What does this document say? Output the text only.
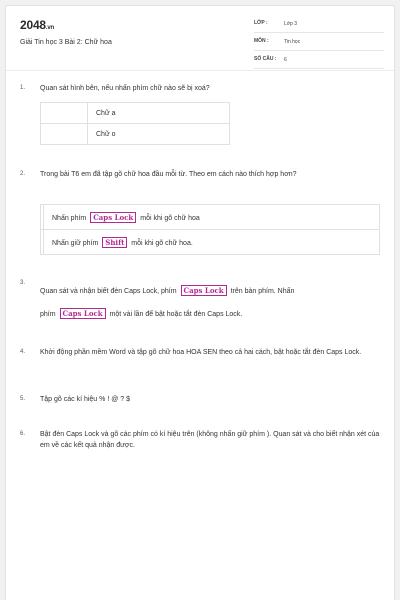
2048.vn
Giải Tin học 3 Bài 2: Chữ hoa
LỚP :	Lớp 3
MÔN :	Tin học
SỐ CÂU : 6
1. Quan sát hình bên, nếu nhấn phím chữ nào sẽ bị xoá?
	Chữ a
	Chữ o
2. Trong bài T6 em đã tập gõ chữ hoa đầu mỗi từ. Theo em cách nào thích hợp hơn?
	Nhấn phím Caps Lock mỗi khi gõ chữ hoa
	Nhấn giữ phím Shift mỗi khi gõ chữ hoa.
3.
Quan sát và nhận biết đèn Caps Lock, phím Caps Lock trên bàn phím. Nhấn
phím Caps Lock một vài lần để bật hoặc tắt đèn Caps Lock.
4. Khởi động phần mềm Word và tập gõ chữ hoa HOA SEN theo cả hai cách, bật hoặc tắt đèn Caps Lock.
5. Tập gõ các kí hiệu % ! @ ? $
6. Bật đèn Caps Lock và gõ các phím có kí hiệu trên (không nhấn giữ phím ). Quan sát và cho biết nhận xét của em về các kết quả nhận được.
